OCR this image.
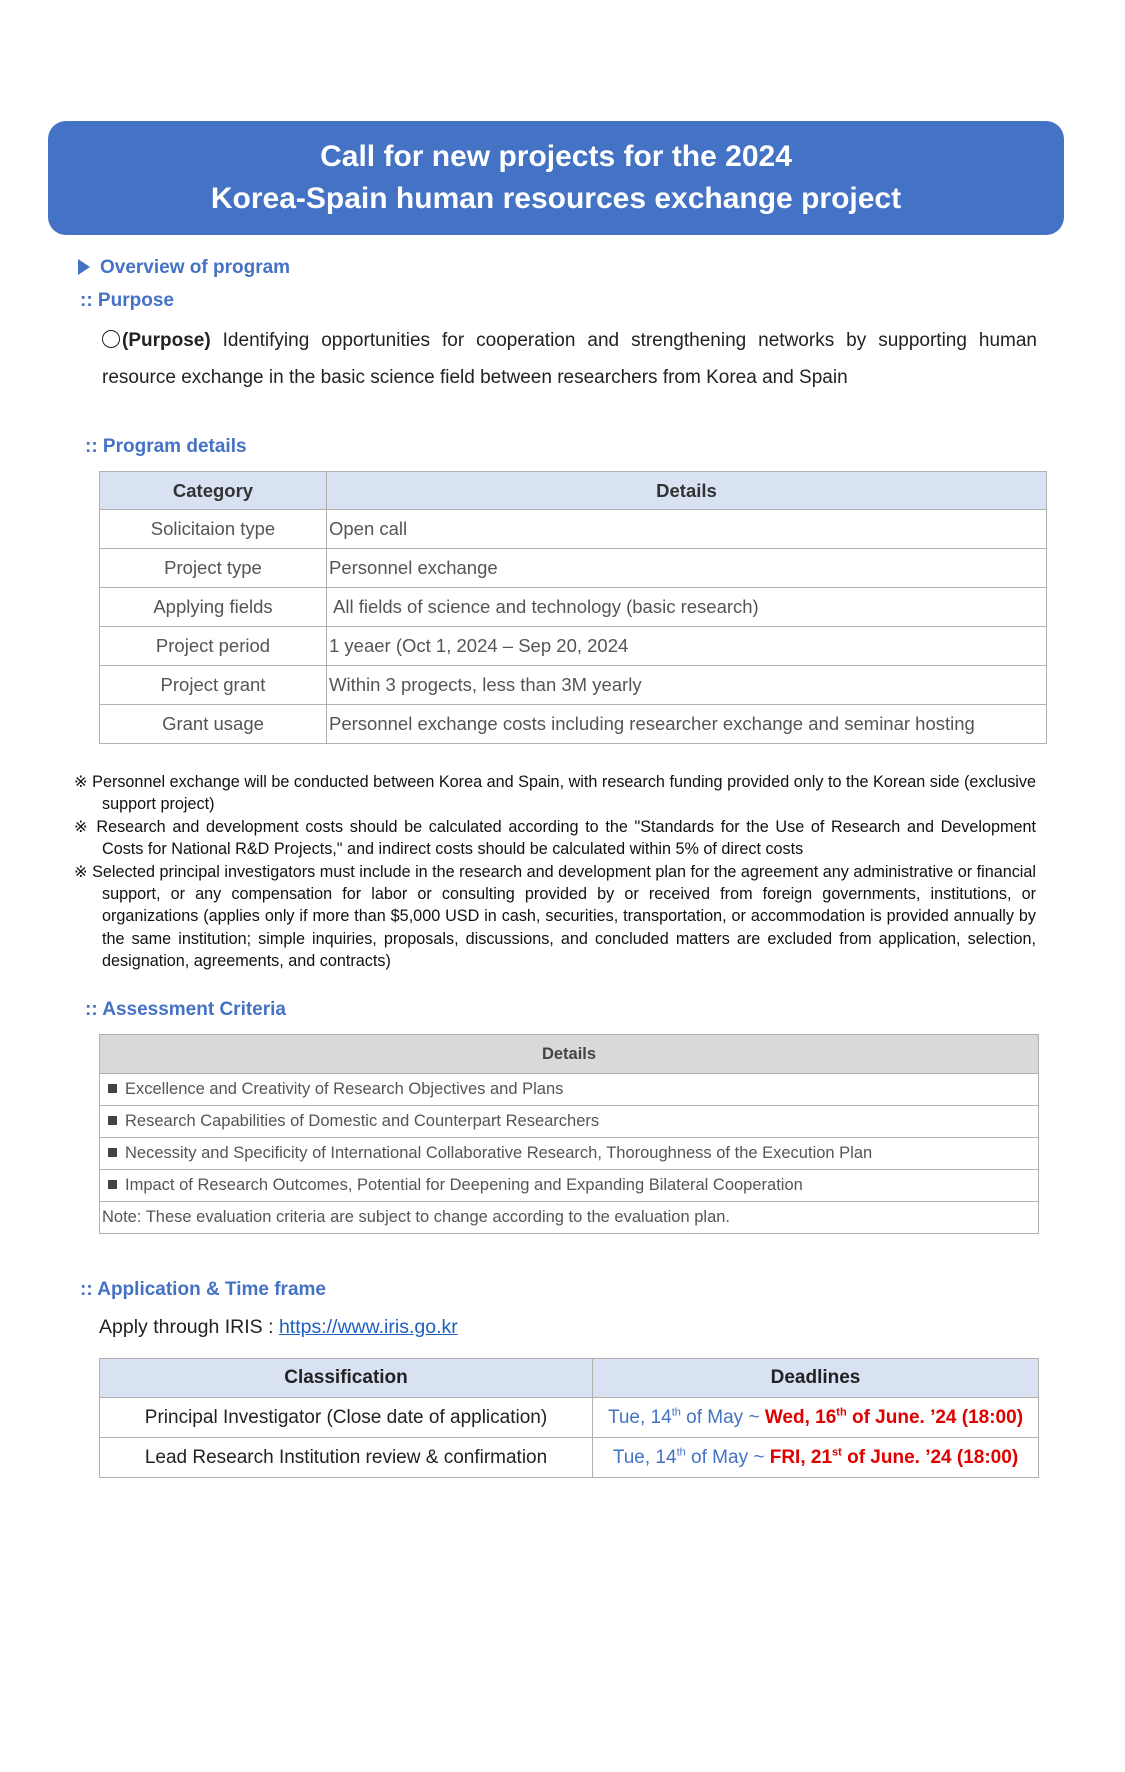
Call for new projects for the 2024
Korea-Spain human resources exchange project
Overview of program
:: Purpose
(Purpose) Identifying opportunities for cooperation and strengthening networks by supporting human
resource exchange in the basic science field between researchers from Korea and Spain
:: Program details
Category	Details
Solicitaion type	Open call
Project type	Personnel exchange
Applying fields	All fields of science and technology (basic research)
Project period	1 yeaer (Oct 1, 2024 – Sep 20, 2024
Project grant	Within 3 progects, less than 3M yearly
Grant usage	Personnel exchange costs including researcher exchange and seminar hosting
※ Personnel exchange will be conducted between Korea and Spain, with research funding provided only to the Korean side (exclusive support project)
※ Research and development costs should be calculated according to the "Standards for the Use of Research and Development Costs for National R&D Projects," and indirect costs should be calculated within 5% of direct costs
※ Selected principal investigators must include in the research and development plan for the agreement any administrative or financial support, or any compensation for labor or consulting provided by or received from foreign governments, institutions, or organizations (applies only if more than $5,000 USD in cash, securities, transportation, or accommodation is provided annually by the same institution; simple inquiries, proposals, discussions, and concluded matters are excluded from application, selection, designation, agreements, and contracts)
:: Assessment Criteria
Details
Excellence and Creativity of Research Objectives and Plans
Research Capabilities of Domestic and Counterpart Researchers
Necessity and Specificity of International Collaborative Research, Thoroughness of the Execution Plan
Impact of Research Outcomes, Potential for Deepening and Expanding Bilateral Cooperation
Note: These evaluation criteria are subject to change according to the evaluation plan.
:: Application & Time frame
Apply through IRIS : https://www.iris.go.kr
Classification	Deadlines
Principal Investigator (Close date of application)	Tue, 14th of May ~ Wed, 16th of June. ’24 (18:00)
Lead Research Institution review & confirmation	Tue, 14th of May ~ FRI, 21st of June. ’24 (18:00)
